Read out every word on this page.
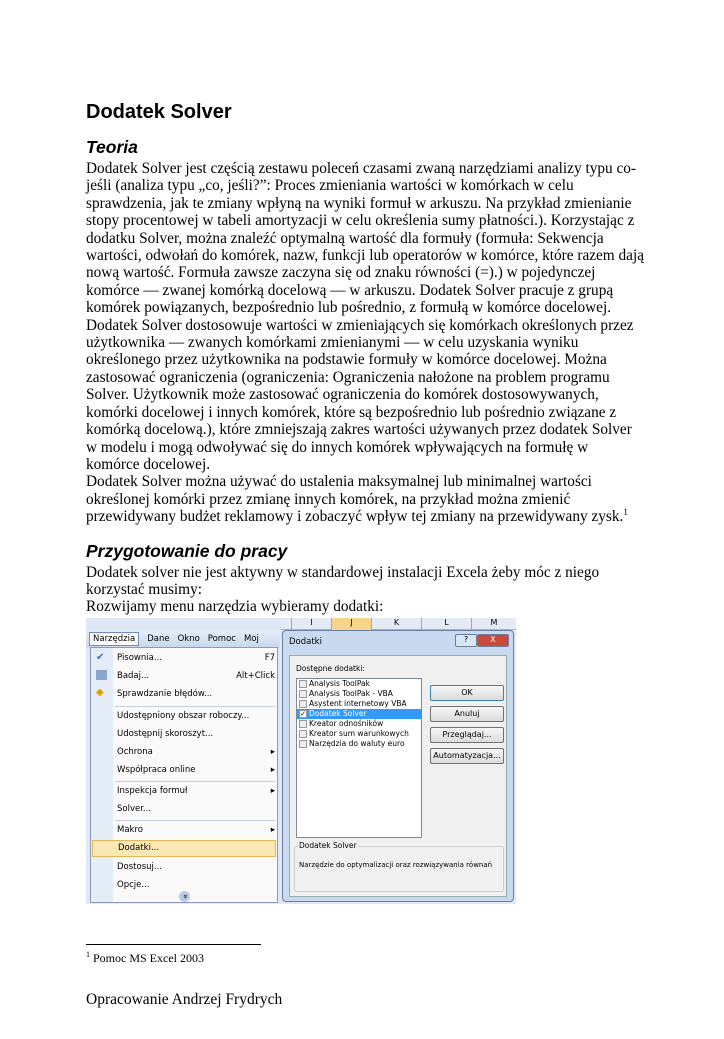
Dodatek Solver
Teoria

Dodatek Solver jest częścią zestawu poleceń czasami zwaną narzędziami analizy typu co-jeśli (analiza typu „co, jeśli?”: Proces zmieniania wartości w komórkach w celu sprawdzenia, jak te zmiany wpłyną na wyniki formuł w arkuszu. Na przykład zmienianie stopy procentowej w tabeli amortyzacji w celu określenia sumy płatności.). Korzystając z dodatku Solver, można znaleźć optymalną wartość dla formuły (formuła: Sekwencja wartości, odwołań do komórek, nazw, funkcji lub operatorów w komórce, które razem dają nową wartość. Formuła zawsze zaczyna się od znaku równości (=).) w pojedynczej komórce — zwanej komórką docelową — w arkuszu. Dodatek Solver pracuje z grupą komórek powiązanych, bezpośrednio lub pośrednio, z formułą w komórce docelowej. Dodatek Solver dostosowuje wartości w zmieniających się komórkach określonych przez użytkownika — zwanych komórkami zmienianymi — w celu uzyskania wyniku określonego przez użytkownika na podstawie formuły w komórce docelowej. Można zastosować ograniczenia (ograniczenia: Ograniczenia nałożone na problem programu Solver. Użytkownik może zastosować ograniczenia do komórek dostosowywanych, komórki docelowej i innych komórek, które są bezpośrednio lub pośrednio związane z komórką docelową.), które zmniejszają zakres wartości używanych przez dodatek Solver w modelu i mogą odwoływać się do innych komórek wpływających na formułę w komórce docelowej.

Dodatek Solver można używać do ustalenia maksymalnej lub minimalnej wartości określonej komórki przez zmianę innych komórek, na przykład można zmienić przewidywany budżet reklamowy i zobaczyć wpływ tej zmiany na przewidywany zysk.$^1$

Przygotowanie do pracy

Dodatek solver nie jest aktywny w standardowej instalacji Excela żeby móc z niego korzystać musimy:

Rozwijamy menu narzędzia wybieramy dodatki:

I	J	K	L	M
Narzędzia	Dane Okno Pomoc Moj
✔
◆
Pisownia...	F7
Badaj...	Alt+Click
Sprawdzanie błędów...
Udostępniony obszar roboczy...
Udostępnij skoroszyt...
Ochrona	▸
Współpraca online	▸
Inspekcja formuł	▸
Solver...
Makro	▸
Dodatki...
Dostosuj...
Opcje...
»
Dodatki	?	X
Dostępne dodatki:
Analysis ToolPak
Analysis ToolPak - VBA
Asystent internetowy VBA
✓ Dodatek Solver
Kreator odnośników
Kreator sum warunkowych
Narzędzia do waluty euro
OK
Anuluj
Przeglądaj...
Automatyzacja...
Dodatek Solver
Narzędzie do optymalizacji oraz rozwiązywania równań
$^1$ Pomoc MS Excel 2003
Opracowanie Andrzej Frydrych
